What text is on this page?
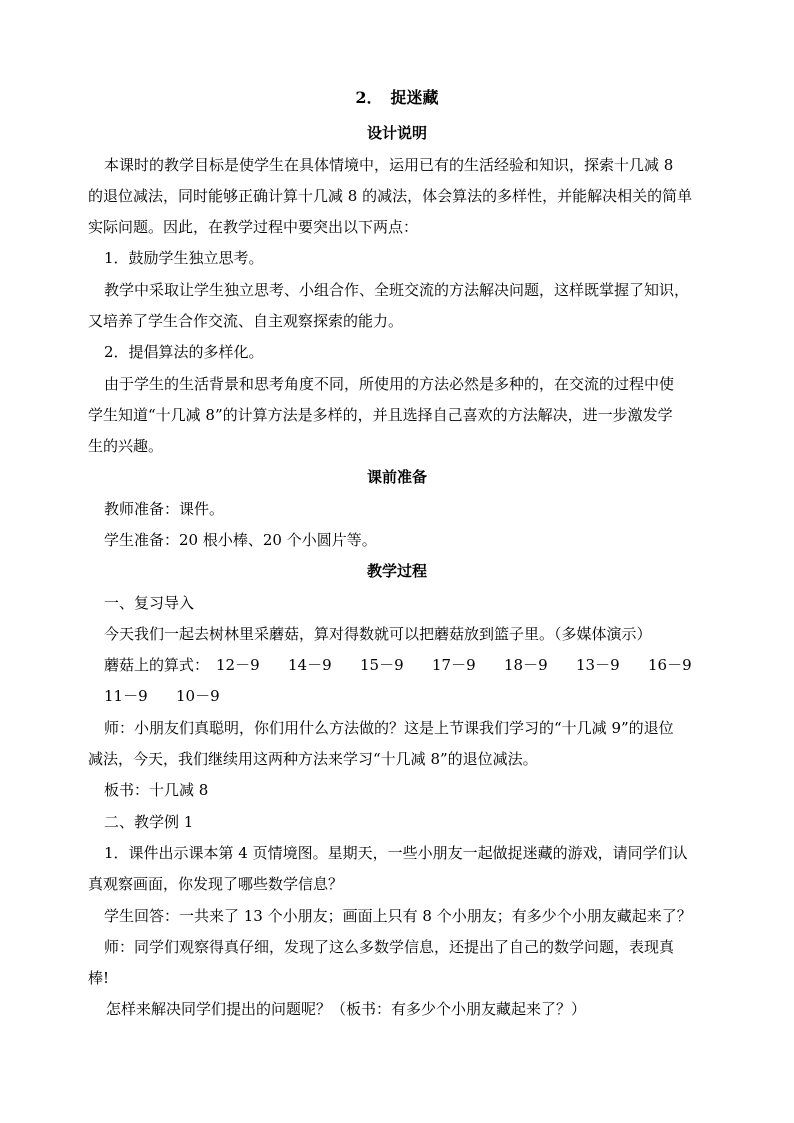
2．　捉迷藏
设计说明
本课时的教学目标是使学生在具体情境中，运用已有的生活经验和知识，探索十几减 8
的退位减法，同时能够正确计算十几减 8 的减法，体会算法的多样性，并能解决相关的简单
实际问题。因此，在教学过程中要突出以下两点：
1．鼓励学生独立思考。
教学中采取让学生独立思考、小组合作、全班交流的方法解决问题，这样既掌握了知识，
又培养了学生合作交流、自主观察探索的能力。
2．提倡算法的多样化。
由于学生的生活背景和思考角度不同，所使用的方法必然是多种的，在交流的过程中使
学生知道“十几减 8”的计算方法是多样的，并且选择自己喜欢的方法解决，进一步激发学
生的兴趣。
课前准备
教师准备：课件。
学生准备：20 根小棒、20 个小圆片等。
教学过程
一、复习导入
今天我们一起去树林里采蘑菇，算对得数就可以把蘑菇放到篮子里。（多媒体演示）
蘑菇上的算式： 12－9 14－9 15－9 17－9 18－9 13－9 16－9
11－9 10－9
师：小朋友们真聪明，你们用什么方法做的？这是上节课我们学习的“十几减 9”的退位
减法，今天，我们继续用这两种方法来学习“十几减 8”的退位减法。
板书：十几减 8
二、教学例 1
1．课件出示课本第 4 页情境图。星期天，一些小朋友一起做捉迷藏的游戏，请同学们认
真观察画面，你发现了哪些数学信息？
学生回答：一共来了 13 个小朋友；画面上只有 8 个小朋友；有多少个小朋友藏起来了？
师：同学们观察得真仔细，发现了这么多数学信息，还提出了自己的数学问题，表现真
棒!
怎样来解决同学们提出的问题呢？（板书：有多少个小朋友藏起来了？）
